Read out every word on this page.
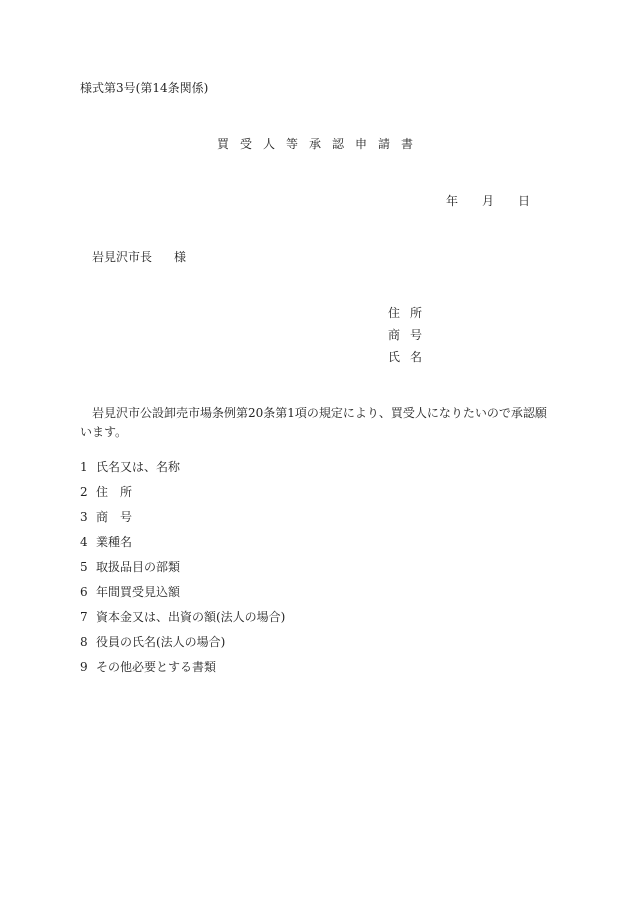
様式第3号(第14条関係)
買受人等承認申請書
年 月 日
岩見沢市長 様
住所
商号
氏名
岩見沢市公設卸売市場条例第20条第1項の規定により、買受人になりたいので承認願います。
1 氏名又は、名称
2 住　所
3 商　号
4 業種名
5 取扱品目の部類
6 年間買受見込額
7 資本金又は、出資の額(法人の場合)
8 役員の氏名(法人の場合)
9 その他必要とする書類
